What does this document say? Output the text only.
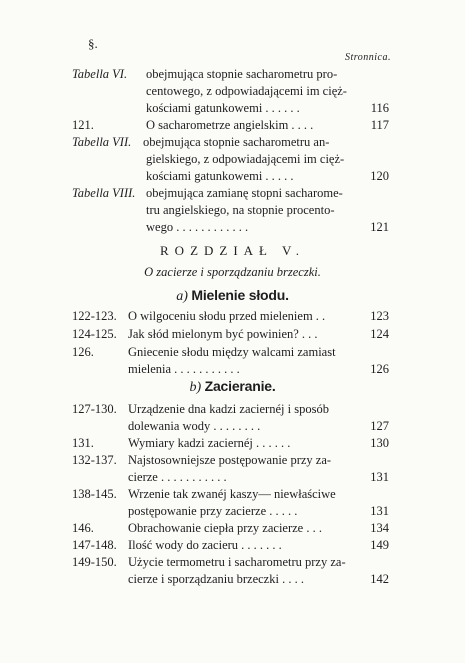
§.
Stronnica.
Tabella VI. obejmująca stopnie sacharometru pro-
centowego, z odpowiadającemi im cięż-
kościami gatunkowemi . . . . . .	116
121.	O sacharometrze angielskim . . . .	117
Tabella VII. obejmująca stopnie sacharometru an-
gielskiego, z odpowiadającemi im cięż-
kościami gatunkowemi . . . . .	120
Tabella VIII. obejmująca zamianę stopni sacharome-
tru angielskiego, na stopnie procento-
wego . . . . . . . . . . . .	121
ROZDZIAŁ V.
O zacierze i sporządzaniu brzeczki.
a) Mielenie słodu.
122-123. O wilgoceniu słodu przed mieleniem . .	123
124-125. Jak słód mielonym być powinien? . . .	124
126.	Gniecenie słodu między walcami zamiast
mielenia . . . . . . . . . . .	126
b) Zacieranie.
127-130. Urządzenie dna kadzi zaciernéj i sposób
dolewania wody . . . . . . . .	127
131.	Wymiary kadzi zaciernéj . . . . . .	130
132-137. Najstosowniejsze postępowanie przy za-
cierze . . . . . . . . . . .	131
138-145. Wrzenie tak zwanéj kaszy— niewłaściwe
postępowanie przy zacierze . . . . .	131
146.	Obrachowanie ciepła przy zacierze . . .	134
147-148. Ilość wody do zacieru . . . . . . .	149
149-150. Użycie termometru i sacharometru przy za-
cierze i sporządzaniu brzeczki . . . .	142
